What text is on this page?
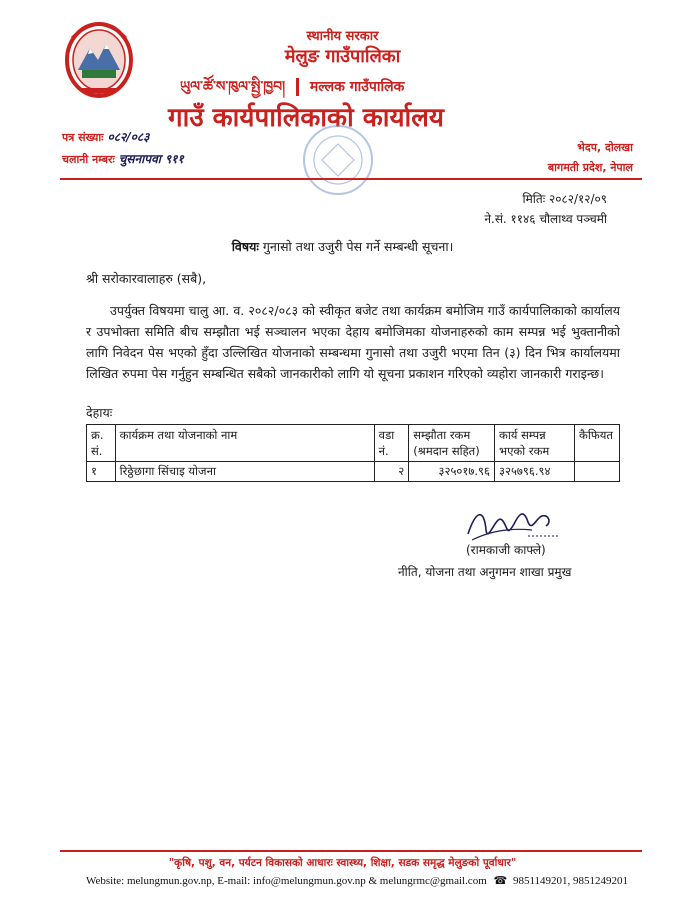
स्थानीय सरकार
मेलुङ गाउँपालिका
ཡུལ་ཚོ་ས་ཁུལ་སྤྱི་ཁྱབ། मल्लक गाउँपालिक
गाउँ कार्यपालिकाको कार्यालय
पत्र संख्याः ०८२/०८३
चलानी नम्बरः चुसनापवा ९११
भेदप, दोलखा
बागमती प्रदेश, नेपाल
मितिः २०८२/१२/०९
ने.सं. ११४६ चौलाथ्व पञ्चमी
विषयः गुनासो तथा उजुरी पेस गर्ने सम्बन्धी सूचना।
श्री सरोकारवालाहरु (सबै),
उपर्युक्त विषयमा चालु आ. व. २०८२/०८३ को स्वीकृत बजेट तथा कार्यक्रम बमोजिम गाउँ कार्यपालिकाको कार्यालय र उपभोक्ता समिति बीच सम्झौता भई सञ्चालन भएका देहाय बमोजिमका योजनाहरुको काम सम्पन्न भई भुक्तानीको लागि निवेदन पेस भएको हुँदा उल्लिखित योजनाको सम्बन्धमा गुनासो तथा उजुरी भएमा तिन (३) दिन भित्र कार्यालयमा लिखित रुपमा पेस गर्नुहुन सम्बन्धित सबैको जानकारीको लागि यो सूचना प्रकाशन गरिएको व्यहोरा जानकारी गराइन्छ।
देहायः
क्र. सं.	कार्यक्रम तथा योजनाको नाम	वडा नं.	सम्झौता रकम (श्रमदान सहित)	कार्य सम्पन्न भएको रकम	कैफियत
१	रिठ्ठेछागा सिंचाइ योजना	२	३२५०१७.९६	३२५७९६.९४	
(रामकाजी काफ्ले)
नीति, योजना तथा अनुगमन शाखा प्रमुख
"कृषि, पशु, वन, पर्यटन विकासको आधारः स्वास्थ्य, शिक्षा, सडक समृद्ध मेलुङको पूर्वाधार"
Website: melungmun.gov.np, E-mail: info@melungmun.gov.np & melungrmc@gmail.com ☎ 9851149201, 9851249201
